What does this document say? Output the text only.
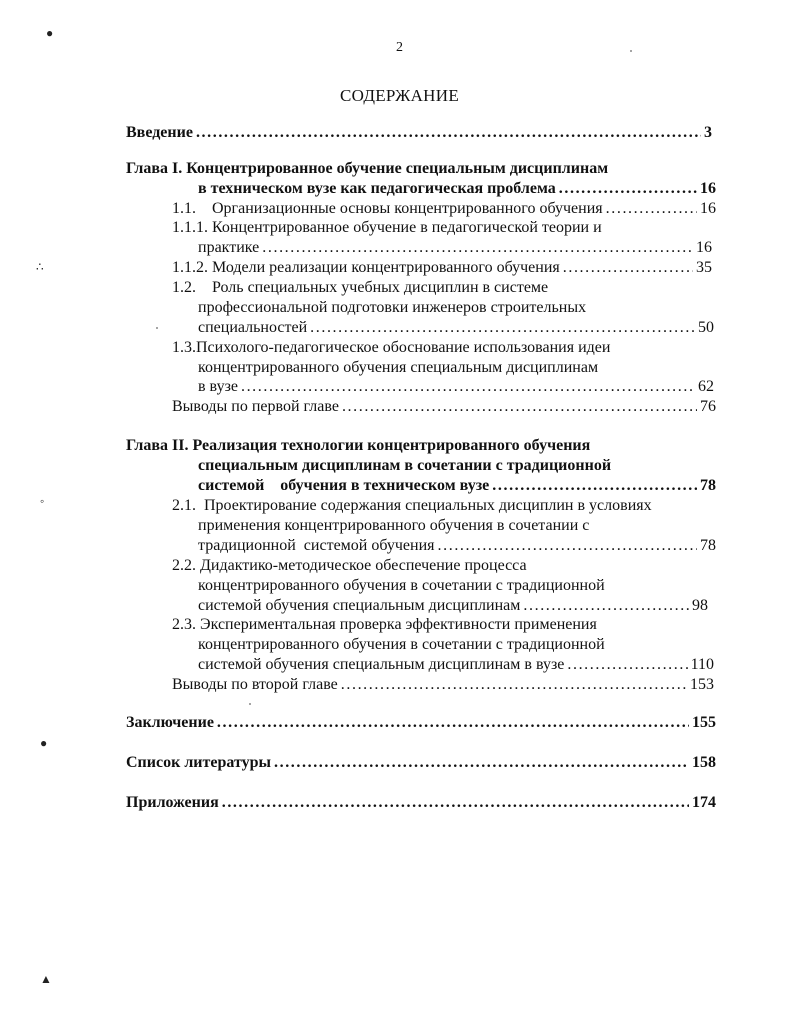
2
СОДЕРЖАНИЕ
Введение .....	3
Глава I. Концентрированное обучение специальным дисциплинам
в техническом вузе как педагогическая проблема .....	16
1.1.    Организационные основы концентрированного обучения .....	16
1.1.1. Концентрированное обучение в педагогической теории и
практике .....	16
1.1.2. Модели реализации концентрированного обучения .....	35
1.2.    Роль специальных учебных дисциплин в системе
профессиональной подготовки инженеров строительных
специальностей .....	50
1.3.Психолого-педагогическое обоснование использования идеи
концентрированного обучения специальным дисциплинам
в вузе .....	62
Выводы по первой главе .....	76
Глава II. Реализация технологии концентрированного обучения
специальным дисциплинам в сочетании с традиционной
системой    обучения в техническом вузе .....	78
2.1.  Проектирование содержания специальных дисциплин в условиях
применения концентрированного обучения в сочетании с
традиционной  системой обучения .....	78
2.2. Дидактико-методическое обеспечение процесса
концентрированного обучения в сочетании с традиционной
системой обучения специальным дисциплинам .....	98
2.3. Экспериментальная проверка эффективности применения
концентрированного обучения в сочетании с традиционной
системой обучения специальным дисциплинам в вузе .....	110
Выводы по второй главе .....	153
Заключение .....	155
Список литературы .....	158
Приложения .....	174
●
∴
◦
●
▲
